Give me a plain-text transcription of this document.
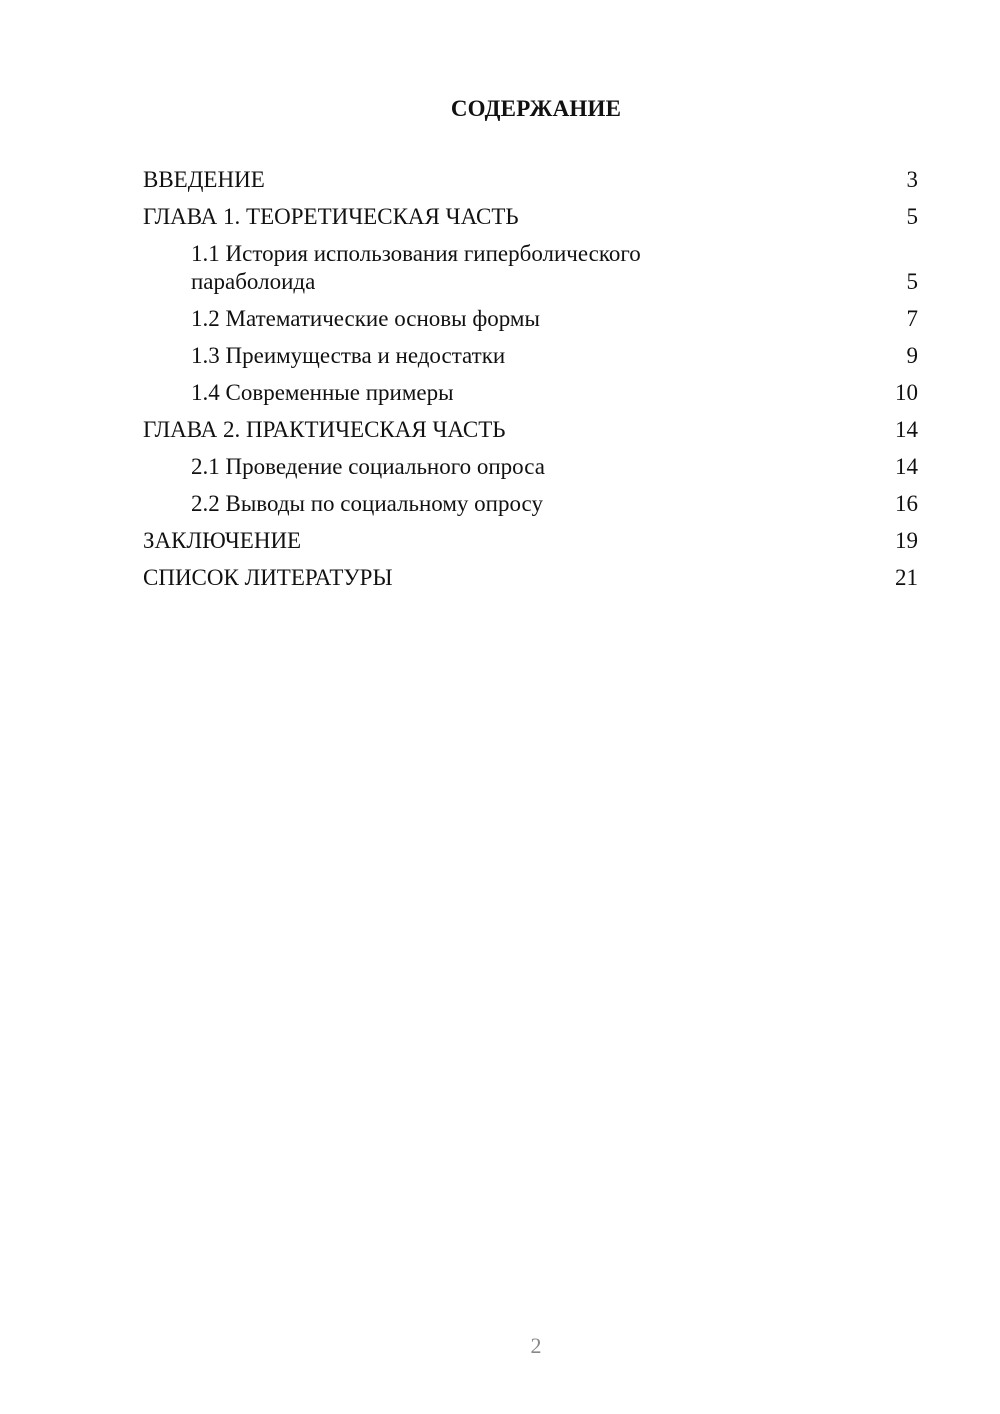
СОДЕРЖАНИЕ
ВВЕДЕНИЕ	3
ГЛАВА 1. ТЕОРЕТИЧЕСКАЯ ЧАСТЬ	5
1.1 История использования гиперболического параболоида	5
1.2 Математические основы формы	7
1.3 Преимущества и недостатки	9
1.4 Современные примеры	10
ГЛАВА 2. ПРАКТИЧЕСКАЯ ЧАСТЬ	14
2.1 Проведение социального опроса	14
2.2 Выводы по социальному опросу	16
ЗАКЛЮЧЕНИЕ	19
СПИСОК ЛИТЕРАТУРЫ	21
2
